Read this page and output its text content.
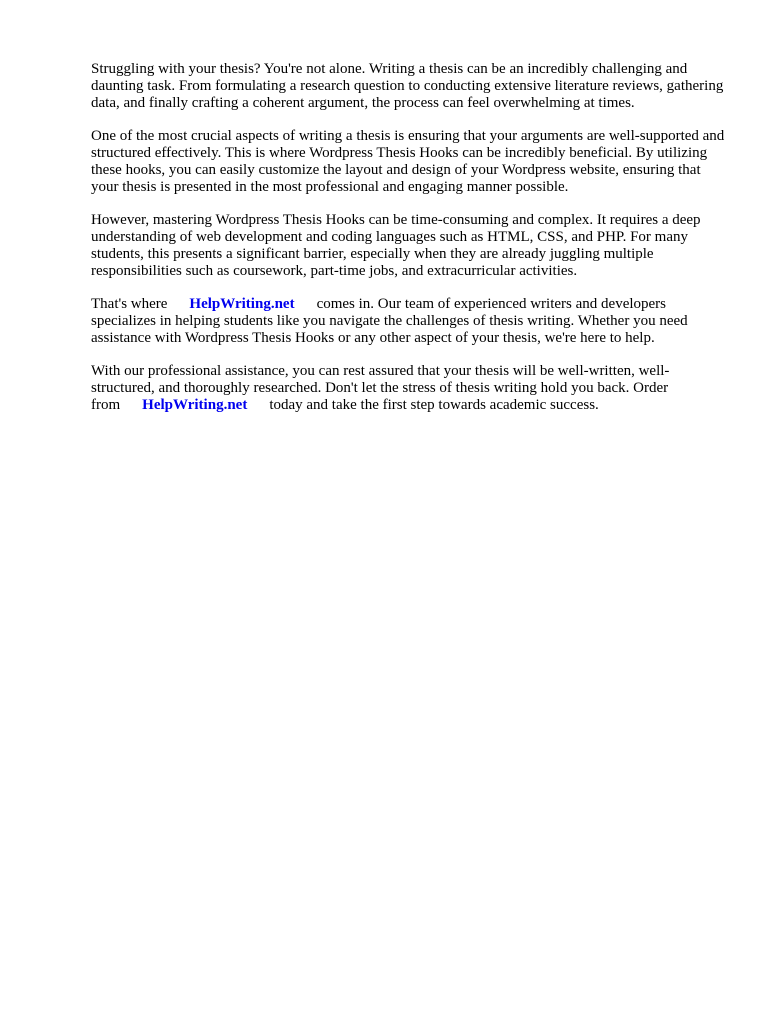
Struggling with your thesis? You're not alone. Writing a thesis can be an incredibly challenging and daunting task. From formulating a research question to conducting extensive literature reviews, gathering data, and finally crafting a coherent argument, the process can feel overwhelming at times.

One of the most crucial aspects of writing a thesis is ensuring that your arguments are well-supported and structured effectively. This is where Wordpress Thesis Hooks can be incredibly beneficial. By utilizing these hooks, you can easily customize the layout and design of your Wordpress website, ensuring that your thesis is presented in the most professional and engaging manner possible.

However, mastering Wordpress Thesis Hooks can be time-consuming and complex. It requires a deep understanding of web development and coding languages such as HTML, CSS, and PHP. For many students, this presents a significant barrier, especially when they are already juggling multiple responsibilities such as coursework, part-time jobs, and extracurricular activities.

That's where HelpWriting.net comes in. Our team of experienced writers and developers specializes in helping students like you navigate the challenges of thesis writing. Whether you need assistance with Wordpress Thesis Hooks or any other aspect of your thesis, we're here to help.

With our professional assistance, you can rest assured that your thesis will be well-written, well-structured, and thoroughly researched. Don't let the stress of thesis writing hold you back. Order from HelpWriting.net today and take the first step towards academic success.
